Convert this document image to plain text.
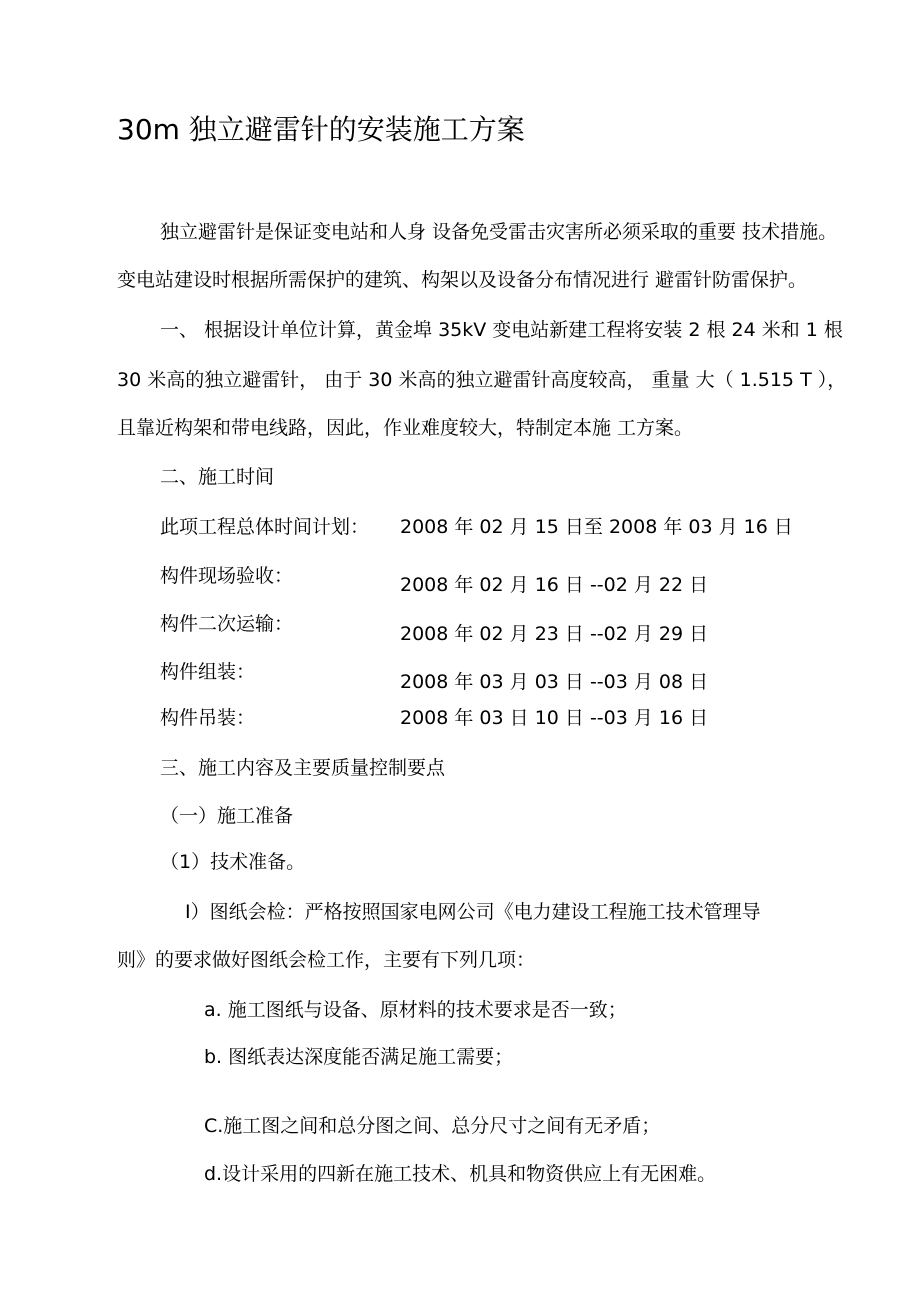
30m 独立避雷针的安装施工方案
独立避雷针是保证变电站和人身 设备免受雷击灾害所必须采取的重要 技术措施。
变电站建设时根据所需保护的建筑、构架以及设备分布情况进行 避雷针防雷保护。
一、 根据设计单位计算，黄金埠 35kV 变电站新建工程将安装 2 根 24 米和 1 根
30 米高的独立避雷针， 由于 30 米高的独立避雷针高度较高， 重量 大（ 1.515 T ），
且靠近构架和带电线路，因此，作业难度较大，特制定本施 工方案。
二、施工时间
此项工程总体时间计划： 2008 年 02 月 15 日至 2008 年 03 月 16 日
构件现场验收：	2008 年 02 月 16 日 --02 月 22 日
构件二次运输：	2008 年 02 月 23 日 --02 月 29 日
构件组装：	2008 年 03 月 03 日 --03 月 08 日
构件吊装：	2008 年 03 日 10 日 --03 月 16 日
三、施工内容及主要质量控制要点
（一）施工准备
（1）技术准备。
I）图纸会检：严格按照国家电网公司《电力建设工程施工技术管理导
则》的要求做好图纸会检工作，主要有下列几项：
a. 施工图纸与设备、原材料的技术要求是否一致；
b. 图纸表达深度能否满足施工需要；
C.施工图之间和总分图之间、总分尺寸之间有无矛盾；
d.设计采用的四新在施工技术、机具和物资供应上有无困难。
